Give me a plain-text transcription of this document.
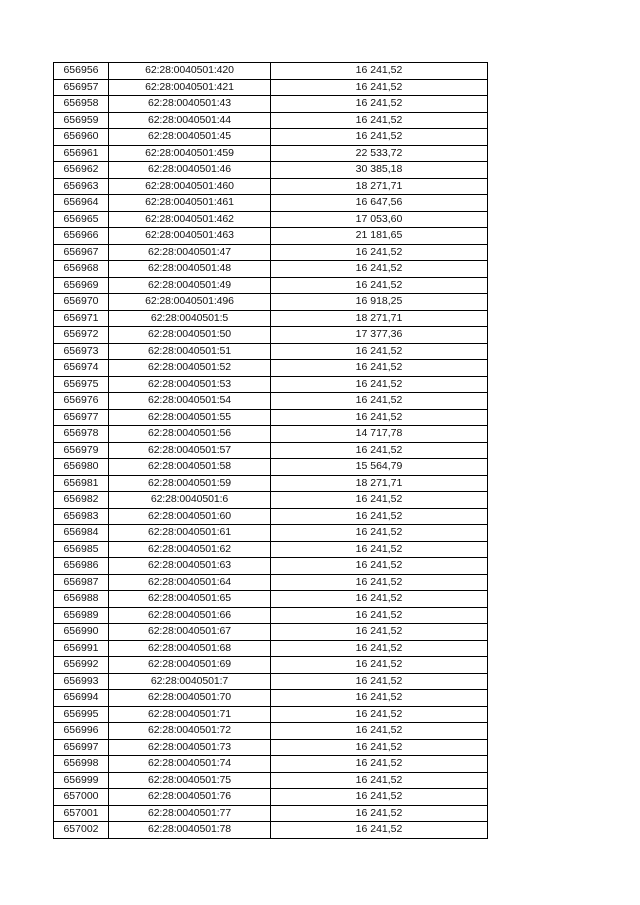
656956	62:28:0040501:420	16 241,52
656957	62:28:0040501:421	16 241,52
656958	62:28:0040501:43	16 241,52
656959	62:28:0040501:44	16 241,52
656960	62:28:0040501:45	16 241,52
656961	62:28:0040501:459	22 533,72
656962	62:28:0040501:46	30 385,18
656963	62:28:0040501:460	18 271,71
656964	62:28:0040501:461	16 647,56
656965	62:28:0040501:462	17 053,60
656966	62:28:0040501:463	21 181,65
656967	62:28:0040501:47	16 241,52
656968	62:28:0040501:48	16 241,52
656969	62:28:0040501:49	16 241,52
656970	62:28:0040501:496	16 918,25
656971	62:28:0040501:5	18 271,71
656972	62:28:0040501:50	17 377,36
656973	62:28:0040501:51	16 241,52
656974	62:28:0040501:52	16 241,52
656975	62:28:0040501:53	16 241,52
656976	62:28:0040501:54	16 241,52
656977	62:28:0040501:55	16 241,52
656978	62:28:0040501:56	14 717,78
656979	62:28:0040501:57	16 241,52
656980	62:28:0040501:58	15 564,79
656981	62:28:0040501:59	18 271,71
656982	62:28:0040501:6	16 241,52
656983	62:28:0040501:60	16 241,52
656984	62:28:0040501:61	16 241,52
656985	62:28:0040501:62	16 241,52
656986	62:28:0040501:63	16 241,52
656987	62:28:0040501:64	16 241,52
656988	62:28:0040501:65	16 241,52
656989	62:28:0040501:66	16 241,52
656990	62:28:0040501:67	16 241,52
656991	62:28:0040501:68	16 241,52
656992	62:28:0040501:69	16 241,52
656993	62:28:0040501:7	16 241,52
656994	62:28:0040501:70	16 241,52
656995	62:28:0040501:71	16 241,52
656996	62:28:0040501:72	16 241,52
656997	62:28:0040501:73	16 241,52
656998	62:28:0040501:74	16 241,52
656999	62:28:0040501:75	16 241,52
657000	62:28:0040501:76	16 241,52
657001	62:28:0040501:77	16 241,52
657002	62:28:0040501:78	16 241,52
